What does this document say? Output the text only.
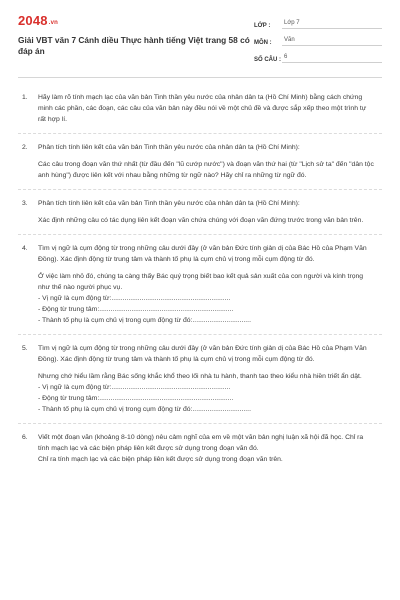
2048.vn
Giải VBT văn 7 Cánh diều Thực hành tiếng Việt trang 58 có đáp án
LỚP :	Lớp 7
MÔN :	Văn
SỐ CÂU : 6
1.	Hãy làm rõ tính mạch lạc của văn bản Tinh thần yêu nước của nhân dân ta (Hồ Chí Minh) bằng cách chứng minh các phần, các đoạn, các câu của văn bản này đều nói về một chủ đề và được sắp xếp theo một trình tự rất hợp lí.

2.	Phân tích tính liên kết của văn bản Tinh thần yêu nước của nhân dân ta (Hồ Chí Minh):

Các câu trong đoạn văn thứ nhất (từ đầu đến "lũ cướp nước") và đoạn văn thứ hai (từ "Lịch sử ta" đến "dân tộc anh hùng") được liên kết với nhau bằng những từ ngữ nào? Hãy chỉ ra những từ ngữ đó.

3.	Phân tích tính liên kết của văn bản Tinh thần yêu nước của nhân dân ta (Hồ Chí Minh):

Xác định những câu có tác dụng liên kết đoạn văn chứa chúng với đoạn văn đứng trước trong văn bản trên.

4.	Tìm vị ngữ là cụm động từ trong những câu dưới đây (ở văn bản Đức tính giản dị của Bác Hồ của Phạm Văn Đồng). Xác định động từ trung tâm và thành tố phụ là cụm chủ vị trong mỗi cụm động từ đó.

Ở việc làm nhỏ đó, chúng ta càng thấy Bác quý trọng biết bao kết quả sản xuất của con người và kính trọng như thế nào người phục vụ.

- Vị ngữ là cụm động từ:...............................................................

- Động từ trung tâm:.......................................................................

- Thành tố phụ là cụm chủ vị trong cụm động từ đó:...............................

5.	Tìm vị ngữ là cụm động từ trong những câu dưới đây (ở văn bản Đức tính giản dị của Bác Hồ của Phạm Văn Đồng). Xác định động từ trung tâm và thành tố phụ là cụm chủ vị trong mỗi cụm động từ đó.

Nhưng chớ hiểu lầm rằng Bác sống khắc khổ theo lối nhà tu hành, thanh tao theo kiểu nhà hiền triết ẩn dật.

- Vị ngữ là cụm động từ:...............................................................

- Động từ trung tâm:.......................................................................

- Thành tố phụ là cụm chủ vị trong cụm động từ đó:...............................

6.	Viết một đoạn văn (khoảng 8-10 dòng) nêu cảm nghĩ của em về một văn bản nghị luận xã hội đã học. Chỉ ra tính mạch lạc và các biện pháp liên kết được sử dụng trong đoạn văn đó.

Chỉ ra tính mạch lạc và các biện pháp liên kết được sử dụng trong đoạn văn trên.
